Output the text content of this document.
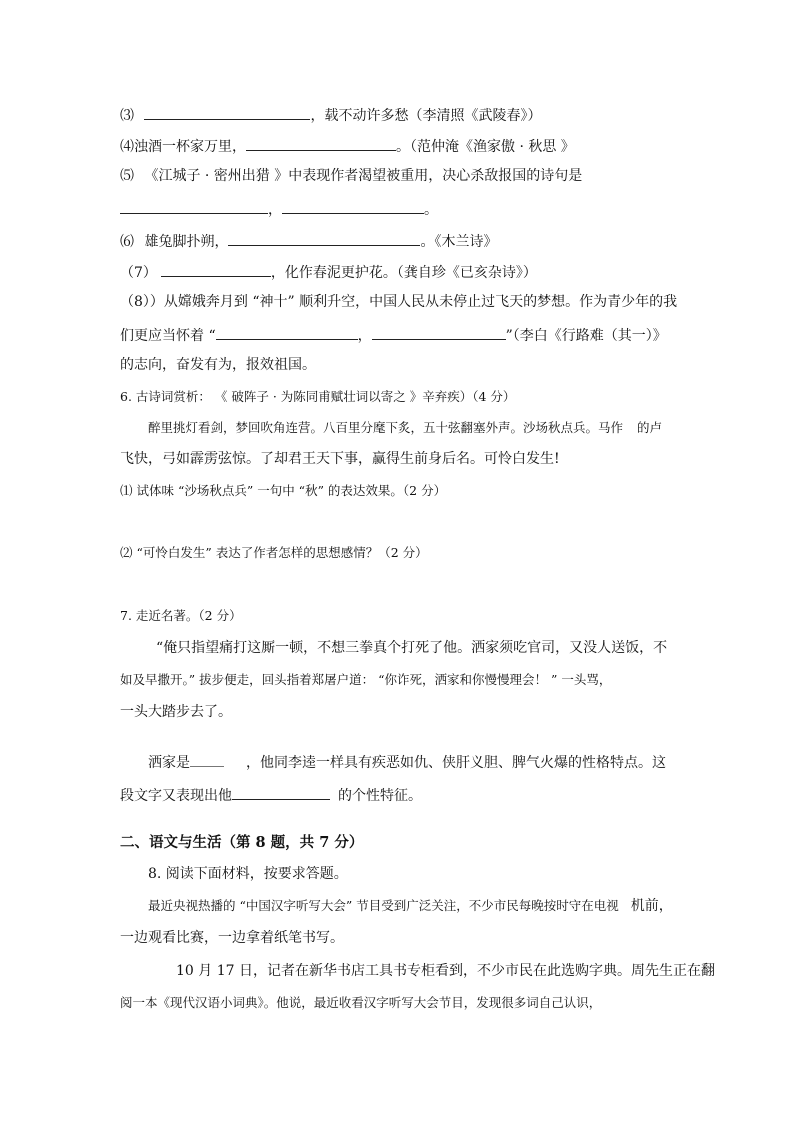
⑶	，载不动许多愁（李清照《武陵春》）
⑷浊酒一杯家万里，	。（范仲淹《渔家傲 · 秋思 》
⑸ 《江城子 · 密州出猎 》中表现作者渴望被重用，决心杀敌报国的诗句是
，	。
⑹ 雄兔脚扑朔，	。《木兰诗》
（7）	，化作春泥更护花。（龚自珍《已亥杂诗》）
（8））从嫦娥奔月到 “神十” 顺利升空，中国人民从未停止过飞天的梦想。作为青少年的我
们更应当怀着 “	，	”（李白《行路难（其一）》
的志向，奋发有为，报效祖国。
6. 古诗词赏析： 《 破阵子 · 为陈同甫赋壮词以寄之 》辛弃疾）（4 分）
醉里挑灯看剑，梦回吹角连营。八百里分麾下炙，五十弦翻塞外声。沙场秋点兵。马作 的卢
飞快，弓如霹雳弦惊。了却君王天下事，赢得生前身后名。可怜白发生!
⑴ 试体味 “沙场秋点兵” 一句中 “秋” 的表达效果。（2 分）
⑵ “可怜白发生” 表达了作者怎样的思想感情？（2 分）
7. 走近名著。（2 分）
“俺只指望痛打这厮一顿，不想三拳真个打死了他。洒家须吃官司，又没人送饭，不
如及早撒开。” 拔步便走，回头指着郑屠户道： “你诈死，洒家和你慢慢理会！ ” 一头骂，
一头大踏步去了。
洒家是	，他同李逵一样具有疾恶如仇、侠肝义胆、脾气火爆的性格特点。这
段文字又表现出他	的个性特征。
二、语文与生活（第 8 题，共 7 分）
8. 阅读下面材料，按要求答题。
最近央视热播的 “中国汉字听写大会” 节目受到广泛关注，不少市民每晚按时守在电视 机前，
一边观看比赛，一边拿着纸笔书写。
10 月 17 日，记者在新华书店工具书专柜看到，不少市民在此选购字典。周先生正在翻
阅一本《现代汉语小词典》。他说，最近收看汉字听写大会节目，发现很多词自己认识，
